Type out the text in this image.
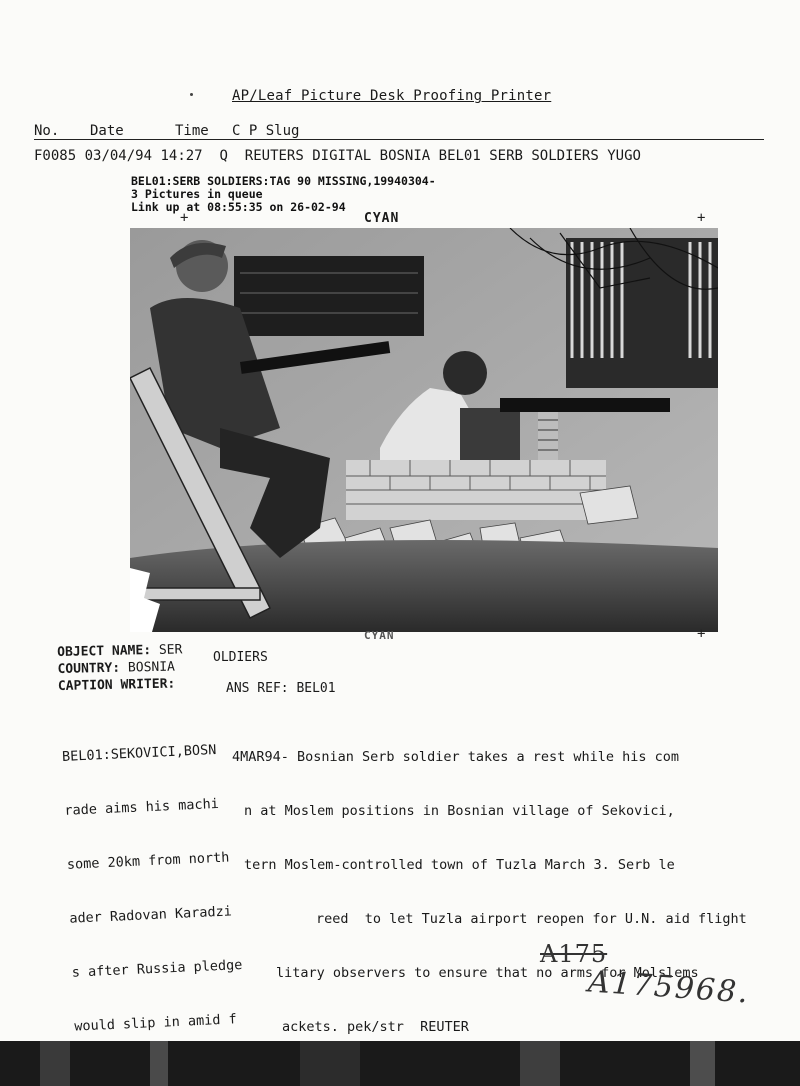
AP/Leaf Picture Desk Proofing Printer
No. Date	Time C P Slug
F0085 03/04/94 14:27 Q REUTERS DIGITAL BOSNIA BEL01 SERB SOLDIERS YUGO
BEL01:SERB SOLDIERS:TAG 90 MISSING,19940304-
3 Pictures in queue
Link up at 08:55:35 on 26-02-94
CYAN
+	+
CYAN	+
OBJECT NAME: SER
COUNTRY: BOSNIA
CAPTION WRITER:
OLDIERS
ANS REF: BEL01

BEL01:SEKOVICI,BOSN

rade aims his machi

some 20km from north

ader Radovan Karadzi

s after Russia pledge

would slip in amid f

4MAR94- Bosnian Serb soldier takes a rest while his com

n at Moslem positions in Bosnian village of Sekovici,

tern Moslem-controlled town of Tuzla March 3. Serb le

reed  to let Tuzla airport reopen for U.N. aid flight

litary observers to ensure that no arms for Molslems

ackets. pek/str  REUTER

A175
A175968.
